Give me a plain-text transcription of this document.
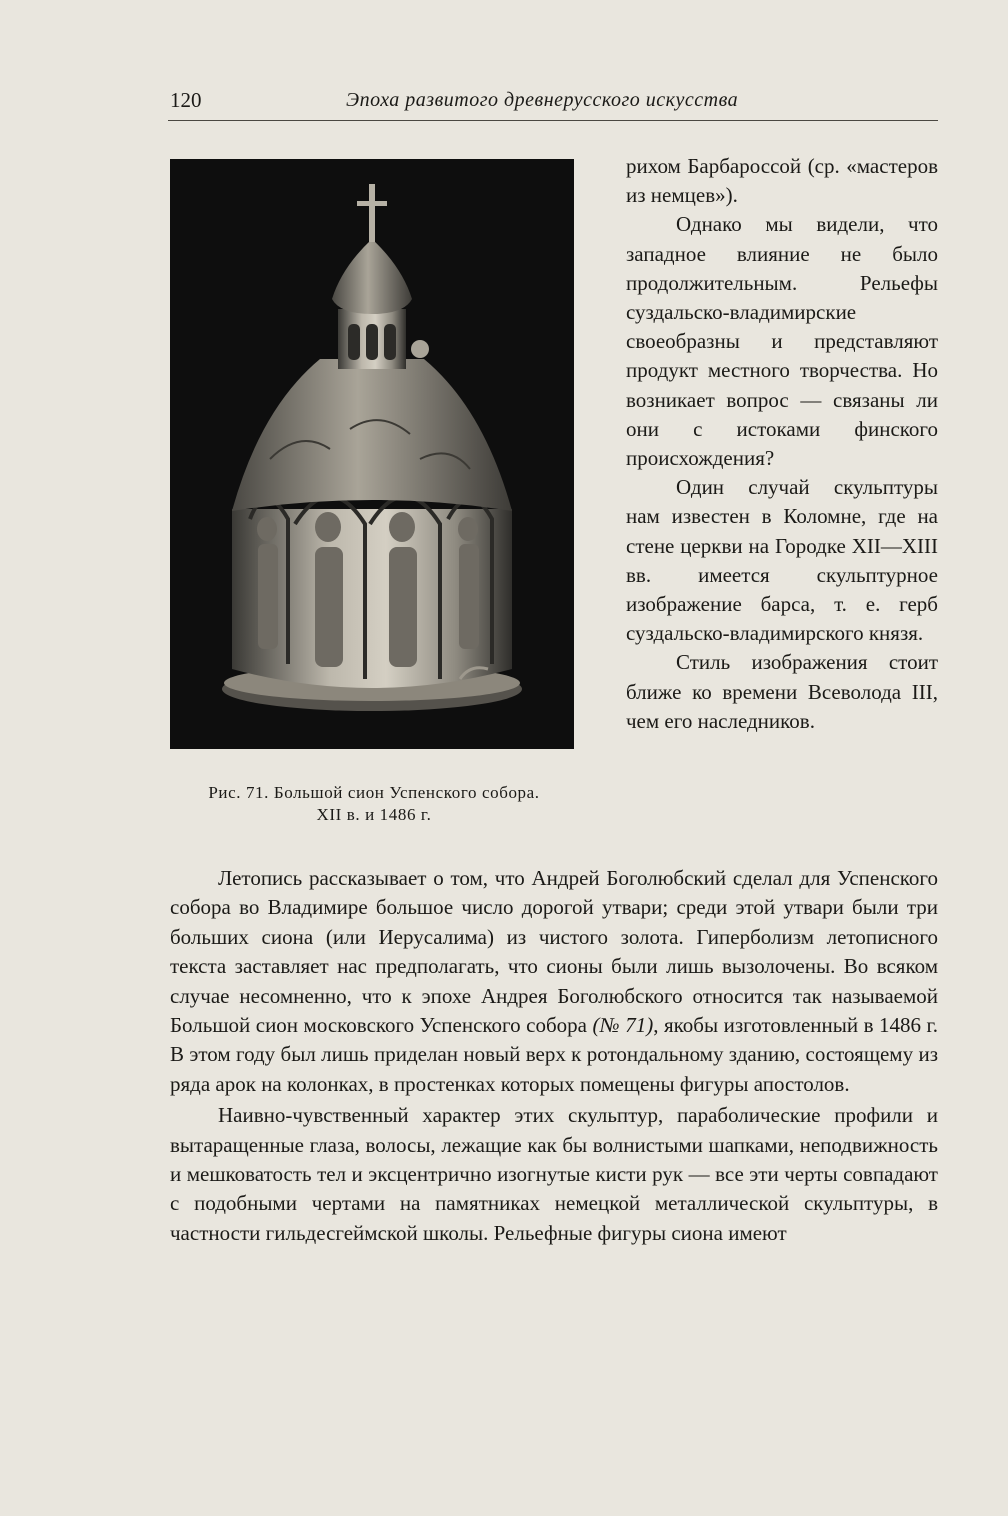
120	Эпоха развитого древнерусского искусства
Рис. 71. Большой сион Успенского собора.
XII в. и 1486 г.

рихом Барбароссой (ср. «мастеров из немцев»).

Однако мы видели, что западное влияние не было продолжительным. Рельефы суздальско-владимирские своеобразны и представляют продукт местного творчества. Но возникает вопрос — связаны ли они с истоками финского происхождения?

Один случай скульптуры нам известен в Коломне, где на стене церкви на Городке XII—XIII вв. имеется скульптурное изображение барса, т. е. герб суздальско-владимирского князя.

Стиль изображения стоит ближе ко времени Всеволода III, чем его наследников.

Летопись рассказывает о том, что Андрей Боголюбский сделал для Успенского собора во Владимире большое число дорогой утвари; среди этой утвари были три больших сиона (или Иерусалима) из чистого золота. Гиперболизм летописного текста заставляет нас предполагать, что сионы были лишь вызолочены. Во всяком случае несомненно, что к эпохе Андрея Боголюбского относится так называемой Большой сион московского Успенского собора (№ 71), якобы изготовленный в 1486 г. В этом году был лишь приделан новый верх к ротондальному зданию, состоящему из ряда арок на колонках, в простенках которых помещены фигуры апостолов.

Наивно-чувственный характер этих скульптур, параболические профили и вытаращенные глаза, волосы, лежащие как бы волнистыми шапками, неподвижность и мешковатость тел и эксцентрично изогнутые кисти рук — все эти черты совпадают с подобными чертами на памятниках немецкой металлической скульптуры, в частности гильдесгеймской школы. Рельефные фигуры сиона имеют
